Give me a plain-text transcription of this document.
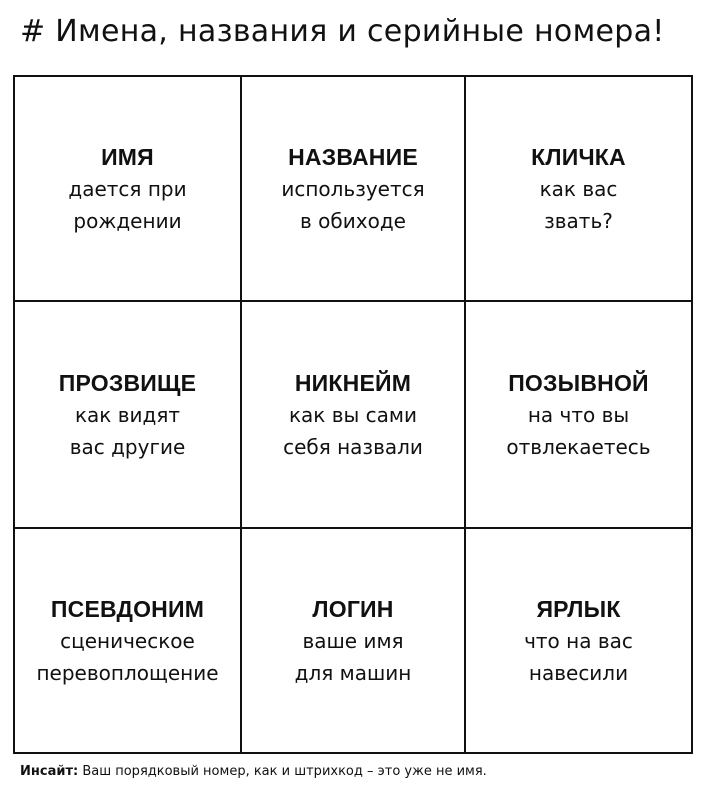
# Имена, названия и серийные номера!
ИМЯ
дается при
рождении
НАЗВАНИЕ
используется
в обиходе
КЛИЧКА
как вас
звать?
ПРОЗВИЩЕ
как видят
вас другие
НИКНЕЙМ
как вы сами
себя назвали
ПОЗЫВНОЙ
на что вы
отвлекаетесь
ПСЕВДОНИМ
сценическое
перевоплощение
ЛОГИН
ваше имя
для машин
ЯРЛЫК
что на вас
навесили
Инсайт: Ваш порядковый номер, как и штрихкод – это уже не имя.
